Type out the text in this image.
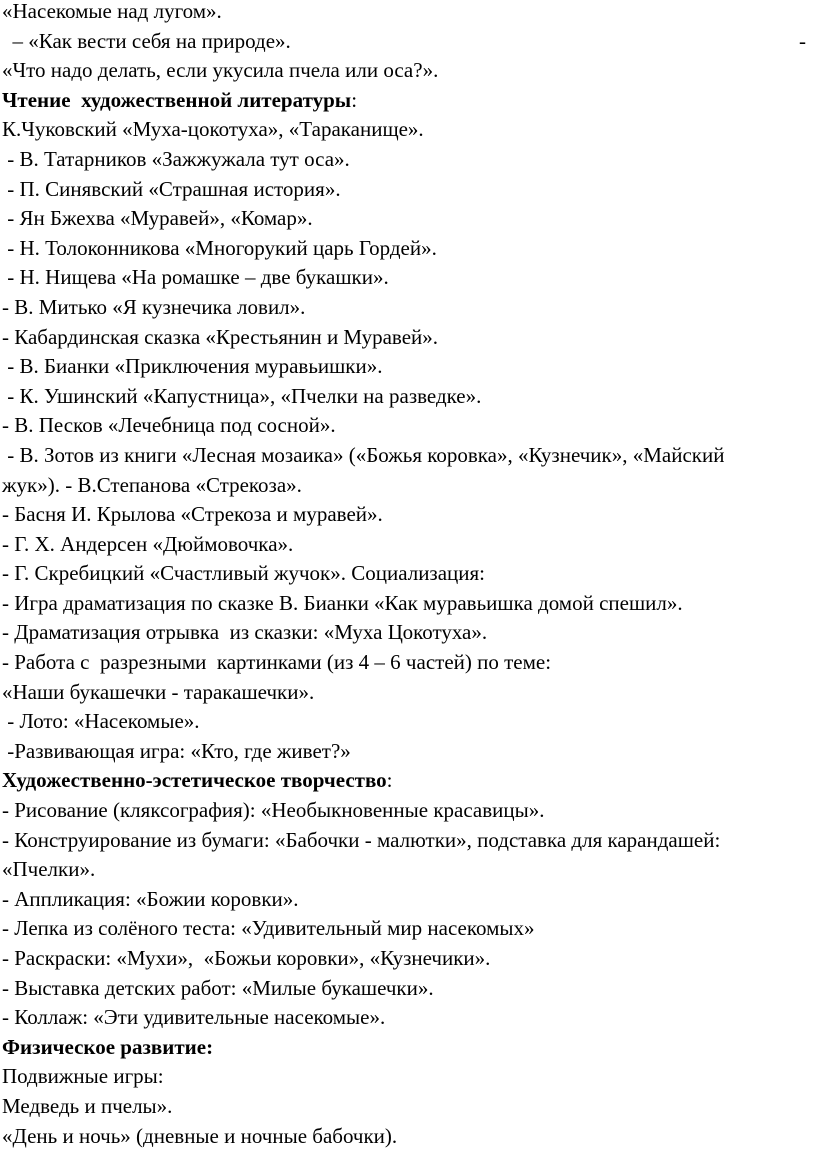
«Насекомые над лугом».

– «Как вести себя на природе».	-

«Что надо делать, если укусила пчела или оса?».

Чтение  художественной литературы:

К.Чуковский «Муха-цокотуха», «Тараканище».

- В. Татарников «Зажжужала тут оса».

- П. Синявский «Страшная история».

- Ян Бжехва «Муравей», «Комар».

- Н. Толоконникова «Многорукий царь Гордей».

- Н. Нищева «На ромашке – две букашки».

- В. Митько «Я кузнечика ловил».

- Кабардинская сказка «Крестьянин и Муравей».

- В. Бианки «Приключения муравьишки».

- К. Ушинский «Капустница», «Пчелки на разведке».

- В. Песков «Лечебница под сосной».

- В. Зотов из книги «Лесная мозаика» («Божья коровка», «Кузнечик», «Майский

жук»). - В.Степанова «Стрекоза».

- Басня И. Крылова «Стрекоза и муравей».

- Г. Х. Андерсен «Дюймовочка».

- Г. Скребицкий «Счастливый жучок». Социализация:

- Игра драматизация по сказке В. Бианки «Как муравьишка домой спешил».

- Драматизация отрывка  из сказки: «Муха Цокотуха».

- Работа с  разрезными  картинками (из 4 – 6 частей) по теме:

«Наши букашечки - таракашечки».

- Лото: «Насекомые».

-Развивающая игра: «Кто, где живет?»

Художественно-эстетическое творчество:

- Рисование (кляксография): «Необыкновенные красавицы».

- Конструирование из бумаги: «Бабочки - малютки», подставка для карандашей:

«Пчелки».

- Аппликация: «Божии коровки».

- Лепка из солёного теста: «Удивительный мир насекомых»

- Раскраски: «Мухи»,  «Божьи коровки», «Кузнечики».

- Выставка детских работ: «Милые букашечки».

- Коллаж: «Эти удивительные насекомые».

Физическое развитие:

Подвижные игры:

Медведь и пчелы».

«День и ночь» (дневные и ночные бабочки).
